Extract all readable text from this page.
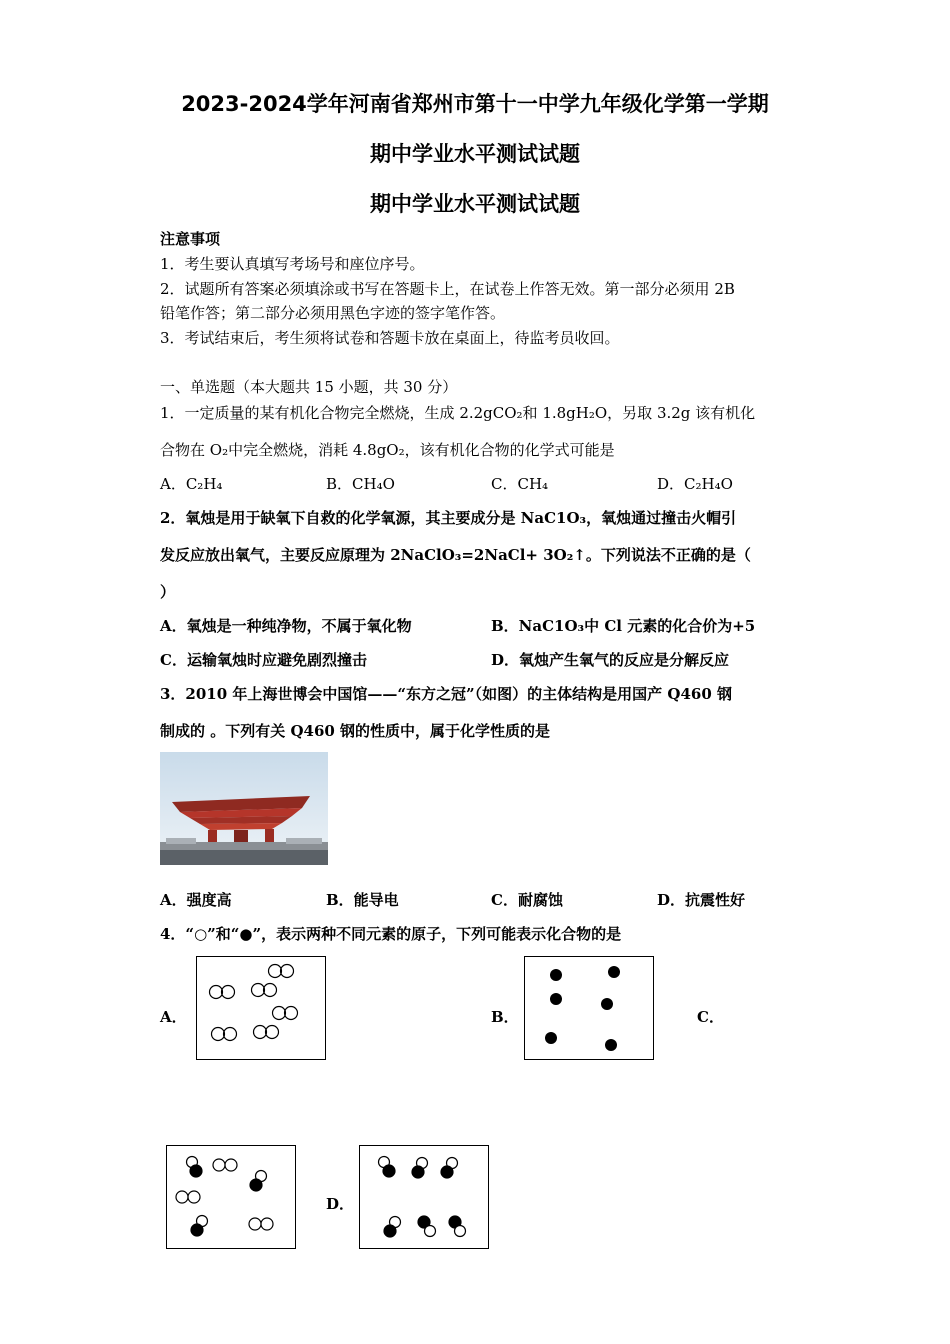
2023-2024学年河南省郑州市第十一中学九年级化学第一学期
期中学业水平测试试题
期中学业水平测试试题
注意事项
1．考生要认真填写考场号和座位序号。
2．试题所有答案必须填涂或书写在答题卡上，在试卷上作答无效。第一部分必须用 2B
铅笔作答；第二部分必须用黑色字迹的签字笔作答。
3．考试结束后，考生须将试卷和答题卡放在桌面上，待监考员收回。
一、单选题（本大题共 15 小题，共 30 分）
1．一定质量的某有机化合物完全燃烧，生成 2.2gCO₂和 1.8gH₂O，另取 3.2g 该有机化
合物在 O₂中完全燃烧，消耗 4.8gO₂，该有机化合物的化学式可能是
A．C₂H₄	B．CH₄O	C．CH₄	D．C₂H₄O
2．氧烛是用于缺氧下自救的化学氧源，其主要成分是 NaC1O₃，氧烛通过撞击火帽引
发反应放出氧气，主要反应原理为 2NaClO₃=2NaCl+ 3O₂↑。下列说法不正确的是（
）
A．氧烛是一种纯净物，不属于氧化物	B．NaC1O₃中 Cl 元素的化合价为+5
C．运输氧烛时应避免剧烈撞击	D．氧烛产生氧气的反应是分解反应
3．2010 年上海世博会中国馆——“东方之冠”（如图）的主体结构是用国产 Q460 钢
制成的 。下列有关 Q460 钢的性质中，属于化学性质的是
A．强度高	B．能导电	C．耐腐蚀	D．抗震性好
4．“○”和“●”，表示两种不同元素的原子，下列可能表示化合物的是
A．	B．	C．
D．
